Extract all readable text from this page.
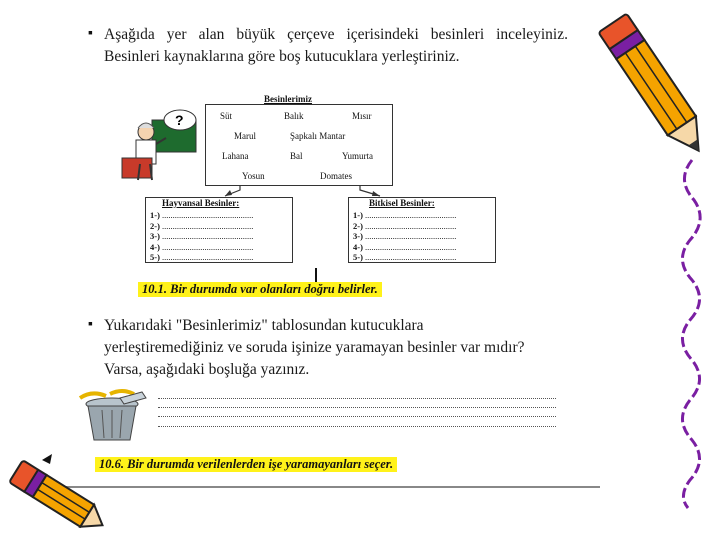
▪ Aşağıda yer alan büyük çerçeve içerisindeki besinleri inceleyiniz. Besinleri kaynaklarına göre boş kutucuklara yerleştiriniz.
?	Süt	Balık	Mısır
Marul	Şapkalı Mantar
Lahana	Bal	Yumurta
Yosun	Domates
Besinlerimiz
Hayvansal Besinler:
1-) ...........................................
2-) ...........................................
3-) ...........................................
4-) ...........................................
5-) ...........................................
Bitkisel Besinler:
1-) ...........................................
2-) ...........................................
3-) ...........................................
4-) ...........................................
5-) ...........................................
10.1. Bir durumda var olanları doğru belirler.
▪ Yukarıdaki "Besinlerimiz" tablosundan kutucuklara yerleştiremediğiniz ve soruda işinize yaramayan besinler var mıdır? Varsa, aşağıdaki boşluğa yazınız.
10.6. Bir durumda verilenlerden işe yaramayanları seçer.
